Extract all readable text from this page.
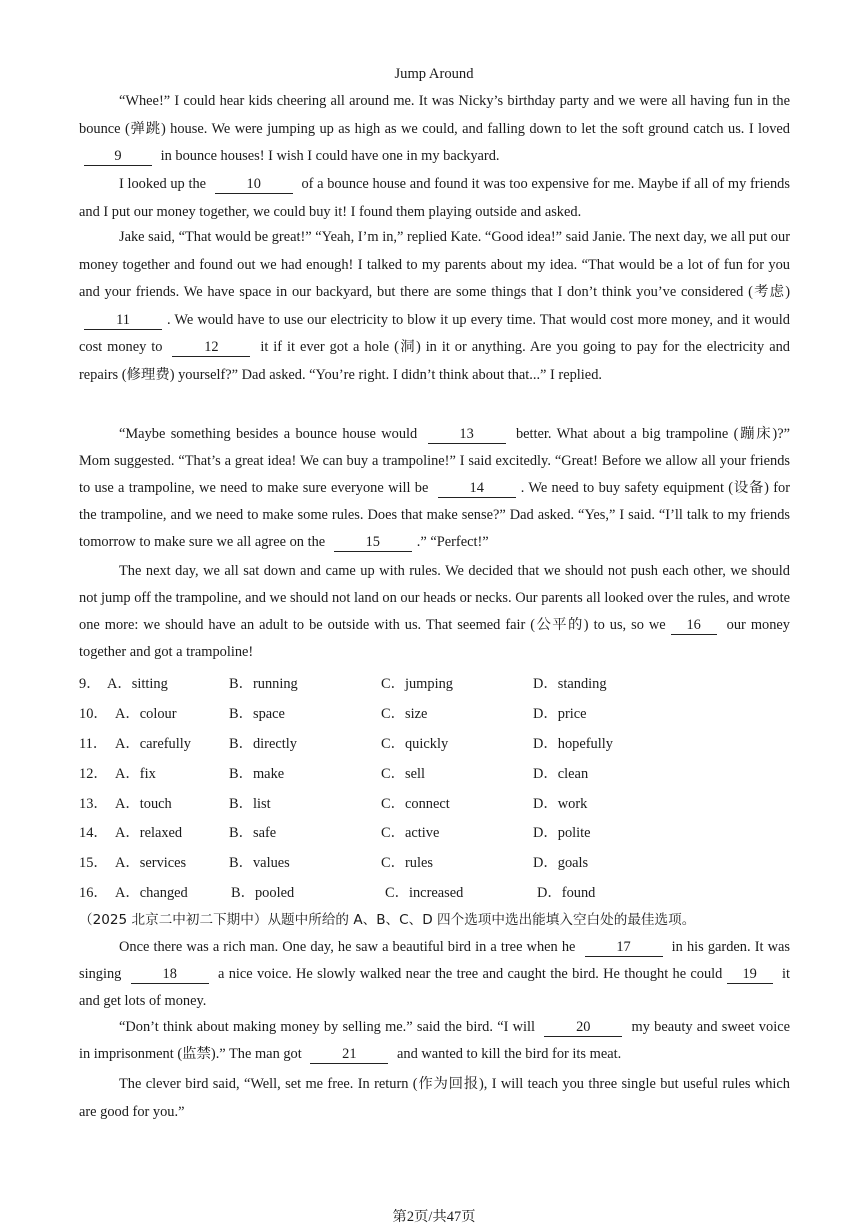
Jump Around

“Whee!” I could hear kids cheering all around me. It was Nicky’s birthday party and we were all having fun in the bounce (弹跳) house. We were jumping up as high as we could, and falling down to let the soft ground catch us. I loved 9	in bounce houses! I wish I could have one in my backyard.

I looked up the	10	of a bounce house and found it was too expensive for me. Maybe if all of my friends and I put our money together, we could buy it! I found them playing outside and asked.

Jake said, “That would be great!” “Yeah, I’m in,” replied Kate. “Good idea!” said Janie. The next day, we all put our money together and found out we had enough! I talked to my parents about my idea. “That would be a lot of fun for you and your friends. We have space in our backyard, but there are some things that I don’t think you’ve considered (考虑) 11	. We would have to use our electricity to blow it up every time. That would cost more money, and it would cost money to	12	it if it ever got a hole (洞) in it or anything. Are you going to pay for the electricity and repairs (修理费) yourself?” Dad asked. “You’re right. I didn’t think about that...” I replied.

“Maybe something besides a bounce house would	13	better. What about a big trampoline (蹦床)?” Mom suggested. “That’s a great idea! We can buy a trampoline!” I said excitedly. “Great! Before we allow all your friends to use a trampoline, we need to make sure everyone will be	14	. We need to buy safety equipment (设备) for the trampoline, and we need to make some rules. Does that make sense?” Dad asked. “Yes,” I said. “I’ll talk to my friends tomorrow to make sure we all agree on the	15	.” “Perfect!”

The next day, we all sat down and came up with rules. We decided that we should not push each other, we should not jump off the trampoline, and we should not land on our heads or necks. Our parents all looked over the rules, and wrote one more: we should have an adult to be outside with us. That seemed fair (公平的) to us, so we 16 our money together and got a trampoline!

9． A．sitting	B．running	C．jumping	D．standing
10． A．colour	B．space	C．size	D．price
11． A．carefully	B．directly	C．quickly	D．hopefully
12． A．fix	B．make	C．sell	D．clean
13． A．touch	B．list	C．connect	D．work
14． A．relaxed	B．safe	C．active	D．polite
15． A．services	B．values	C．rules	D．goals
16． A．changed	B．pooled	C．increased	D．found
（2025 北京二中初二下期中）从题中所给的 A、B、C、D 四个选项中选出能填入空白处的最佳选项。

Once there was a rich man. One day, he saw a beautiful bird in a tree when he	17	in his garden. It was singing	18	a nice voice. He slowly walked near the tree and caught the bird. He thought he could 19 it and get lots of money.

“Don’t think about making money by selling me.” said the bird. “I will	20	my beauty and sweet voice in imprisonment (监禁).” The man got	21	and wanted to kill the bird for its meat.

The clever bird said, “Well, set me free. In return (作为回报), I will teach you three single but useful rules which are good for you.”

第2页/共47页
